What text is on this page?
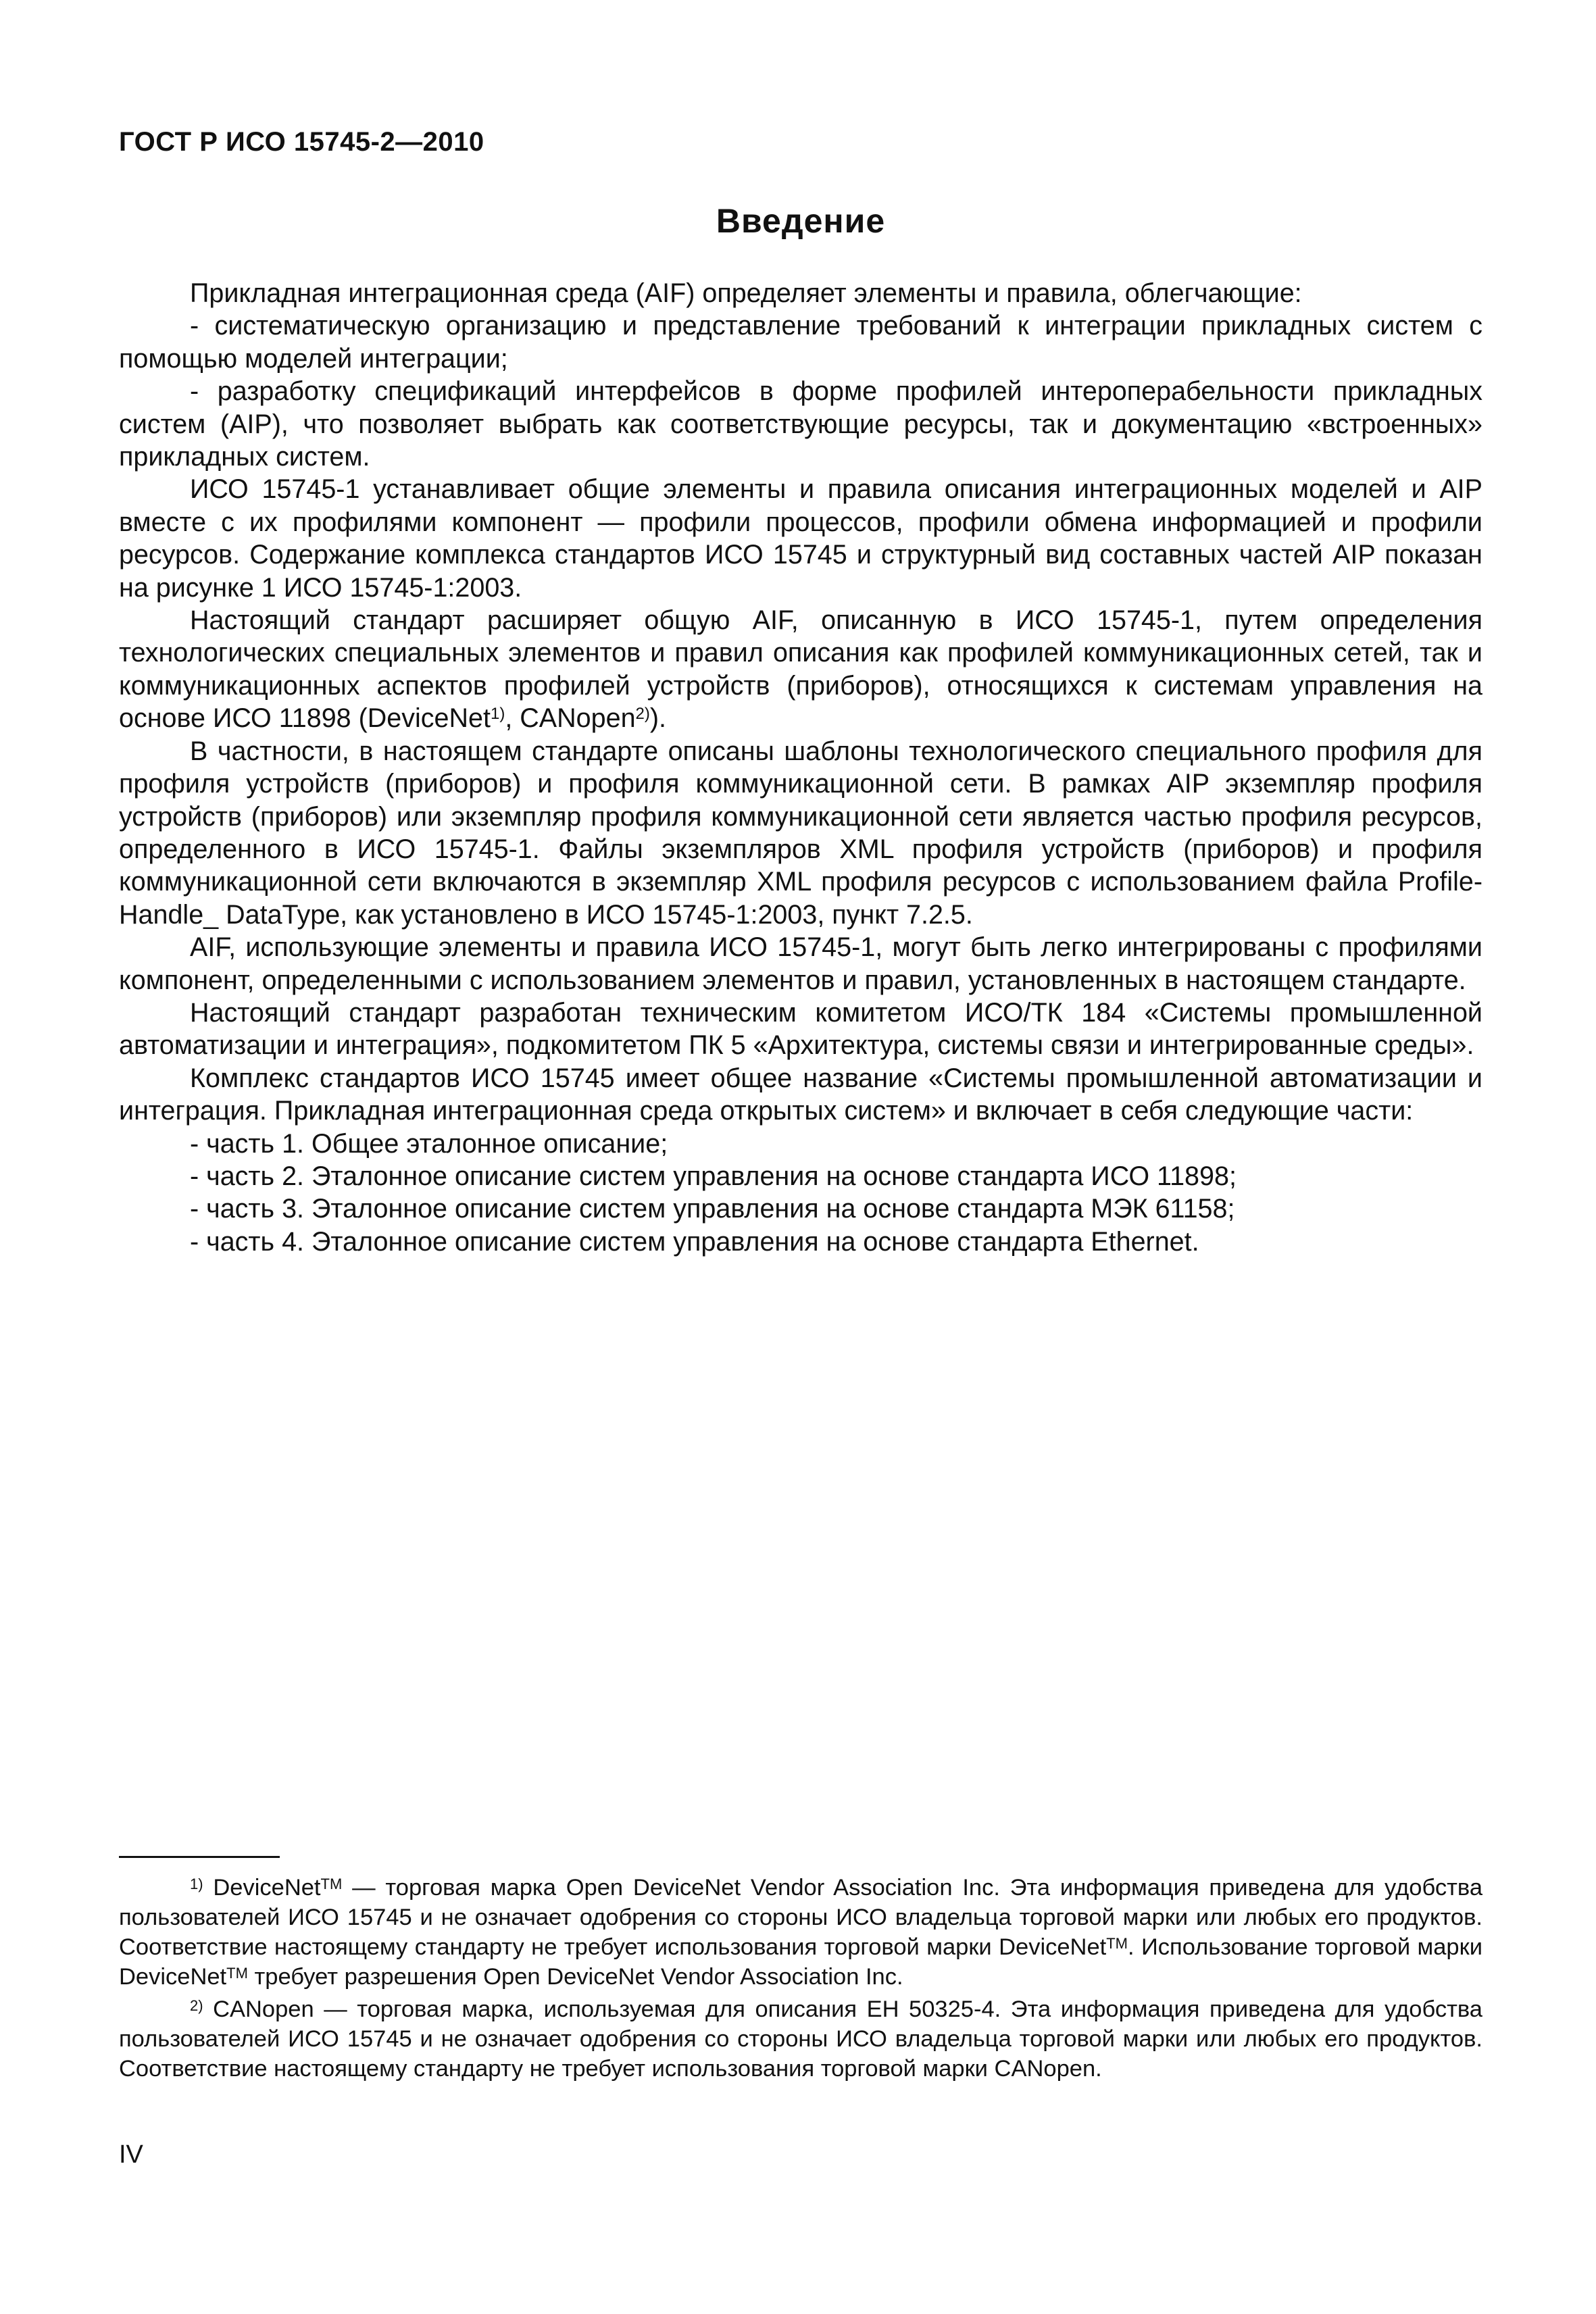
ГОСТ Р ИСО 15745-2—2010
Введение

Прикладная интеграционная среда (AIF) определяет элементы и правила, облегчающие:

- систематическую организацию и представление требований к интеграции прикладных систем с помощью моделей интеграции;

- разработку спецификаций интерфейсов в форме профилей интероперабельности прикладных систем (AIP), что позволяет выбрать как соответствующие ресурсы, так и документацию «встроенных» прикладных систем.

ИСО 15745-1 устанавливает общие элементы и правила описания интеграционных моделей и AIP вместе с их профилями компонент — профили процессов, профили обмена информацией и профили ресурсов. Содержание комплекса стандартов ИСО 15745 и структурный вид составных частей AIP показан на рисунке 1 ИСО 15745-1:2003.

Настоящий стандарт расширяет общую AIF, описанную в ИСО 15745-1, путем определения технологических специальных элементов и правил описания как профилей коммуникационных сетей, так и коммуникационных аспектов профилей устройств (приборов), относящихся к системам управления на основе ИСО 11898 (DeviceNet$^{1)}$, CANopen$^{2)}$).

В частности, в настоящем стандарте описаны шаблоны технологического специального профиля для профиля устройств (приборов) и профиля коммуникационной сети. В рамках AIP экземпляр профиля устройств (приборов) или экземпляр профиля коммуникационной сети является частью профиля ресурсов, определенного в ИСО 15745-1. Файлы экземпляров XML профиля устройств (приборов) и профиля коммуникационной сети включаются в экземпляр XML профиля ресурсов с использованием файла Profile-Handle_ DataType, как установлено в ИСО 15745-1:2003, пункт 7.2.5.

AIF, использующие элементы и правила ИСО 15745-1, могут быть легко интегрированы с профилями компонент, определенными с использованием элементов и правил, установленных в настоящем стандарте.

Настоящий стандарт разработан техническим комитетом ИСО/ТК 184 «Системы промышленной автоматизации и интеграция», подкомитетом ПК 5 «Архитектура, системы связи и интегрированные среды».

Комплекс стандартов ИСО 15745 имеет общее название «Системы промышленной автоматизации и интеграция. Прикладная интеграционная среда открытых систем» и включает в себя следующие части:

- часть 1. Общее эталонное описание;

- часть 2. Эталонное описание систем управления на основе стандарта ИСО 11898;

- часть 3. Эталонное описание систем управления на основе стандарта МЭК 61158;

- часть 4. Эталонное описание систем управления на основе стандарта Ethernet.

$^{1)}$ DeviceNet™ — торговая марка Open DeviceNet Vendor Association Inc. Эта информация приведена для удобства пользователей ИСО 15745 и не означает одобрения со стороны ИСО владельца торговой марки или любых его продуктов. Соответствие настоящему стандарту не требует использования торговой марки DeviceNet™. Использование торговой марки DeviceNet™ требует разрешения Open DeviceNet Vendor Association Inc.

$^{2)}$ CANopen — торговая марка, используемая для описания ЕН 50325-4. Эта информация приведена для удобства пользователей ИСО 15745 и не означает одобрения со стороны ИСО владельца торговой марки или любых его продуктов. Соответствие настоящему стандарту не требует использования торговой марки CANopen.

IV
